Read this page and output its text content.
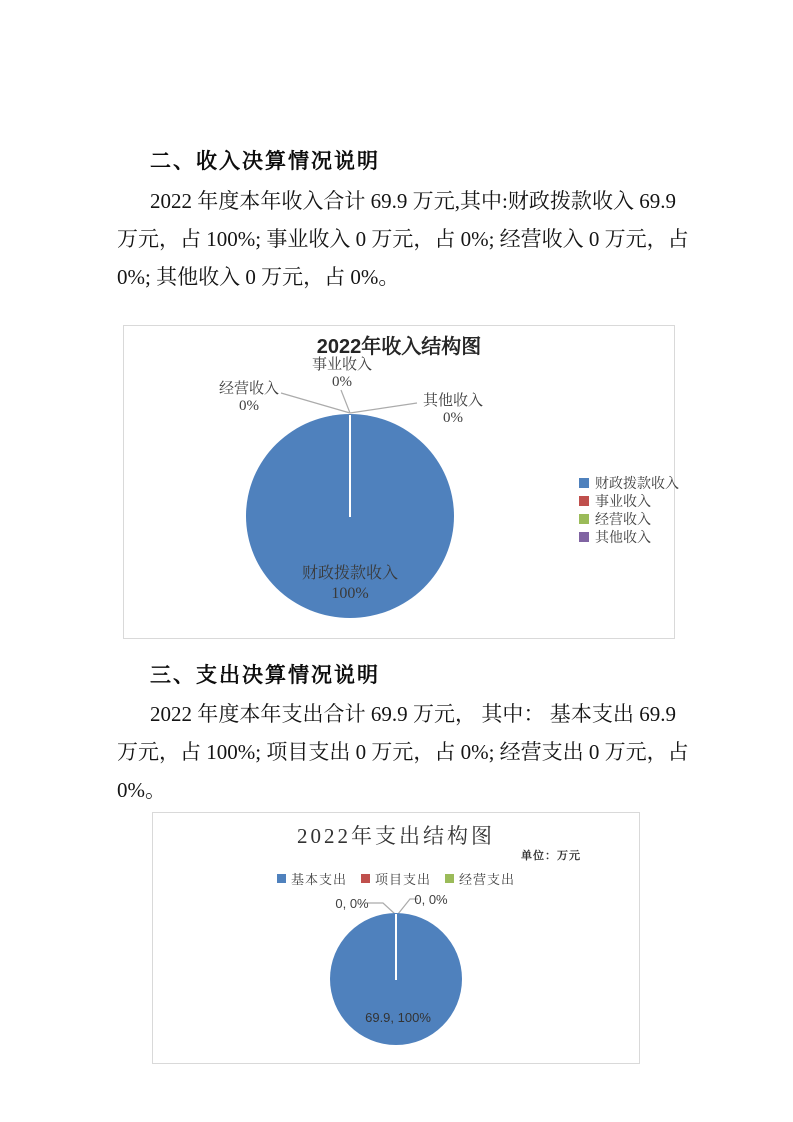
二、收入决算情况说明
2022 年度本年收入合计 69.9 万元,其中:财政拨款收入 69.9
万元，占 100%; 事业收入 0 万元，占 0%; 经营收入 0 万元，占
0%; 其他收入 0 万元，占 0%。
2022年收入结构图
事业收入
0%
经营收入
0%	其他收入
0%
财政拨款收入
100%
财政拨款收入
事业收入
经营收入
其他收入
三、支出决算情况说明
2022 年度本年支出合计 69.9 万元， 其中： 基本支出 69.9
万元，占 100%; 项目支出 0 万元，占 0%; 经营支出 0 万元，占
0%。
2022年支出结构图
单位：万元
基本支出 项目支出 经营支出
0, 0%	0, 0%
69.9, 100%
